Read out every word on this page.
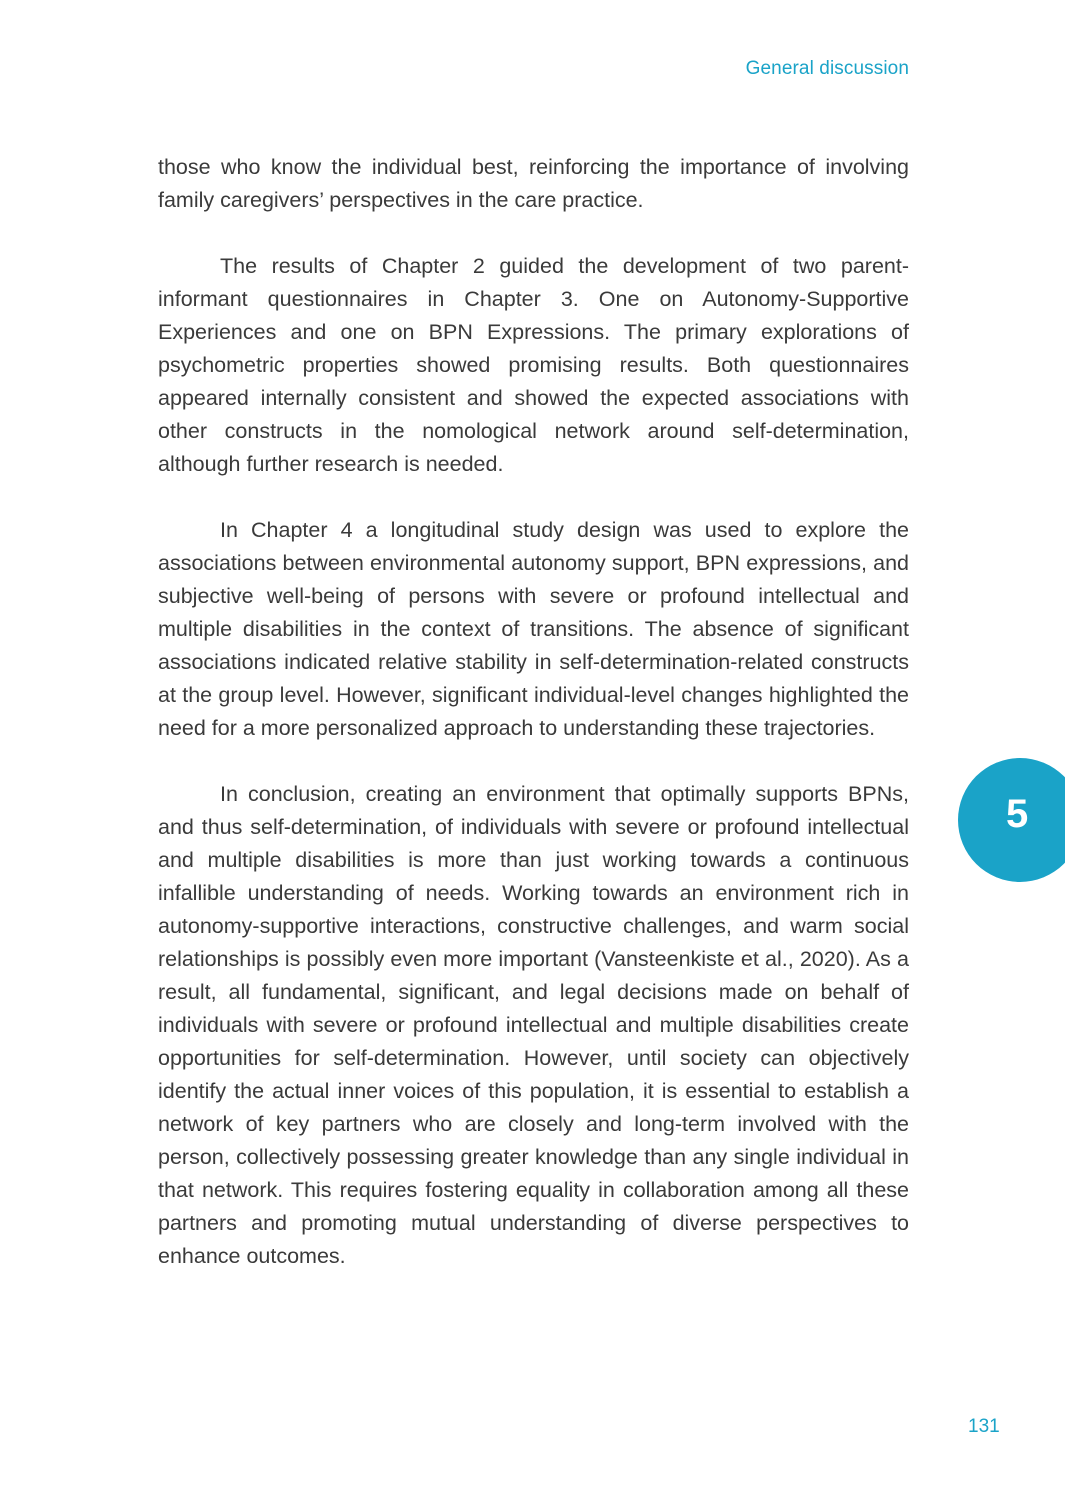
General discussion

those who know the individual best, reinforcing the importance of involving family caregivers’ perspectives in the care practice.

The results of Chapter 2 guided the development of two parent-informant questionnaires in Chapter 3. One on Autonomy-Supportive Experiences and one on BPN Expressions. The primary explorations of psychometric properties showed promising results. Both questionnaires appeared internally consistent and showed the expected associations with other constructs in the nomological network around self-determination, although further research is needed.

In Chapter 4 a longitudinal study design was used to explore the associations between environmental autonomy support, BPN expressions, and subjective well-being of persons with severe or profound intellectual and multiple disabilities in the context of transitions. The absence of significant associations indicated relative stability in self-determination-related constructs at the group level. However, significant individual-level changes highlighted the need for a more personalized approach to understanding these trajectories.

In conclusion, creating an environment that optimally supports BPNs, and thus self-determination, of individuals with severe or profound intellectual and multiple disabilities is more than just working towards a continuous infallible understanding of needs. Working towards an environment rich in autonomy-supportive interactions, constructive challenges, and warm social relationships is possibly even more important (Vansteenkiste et al., 2020). As a result, all fundamental, significant, and legal decisions made on behalf of individuals with severe or profound intellectual and multiple disabilities create opportunities for self-determination. However, until society can objectively identify the actual inner voices of this population, it is essential to establish a network of key partners who are closely and long-term involved with the person, collectively possessing greater knowledge than any single individual in that network. This requires fostering equality in collaboration among all these partners and promoting mutual understanding of diverse perspectives to enhance outcomes.

5
131
